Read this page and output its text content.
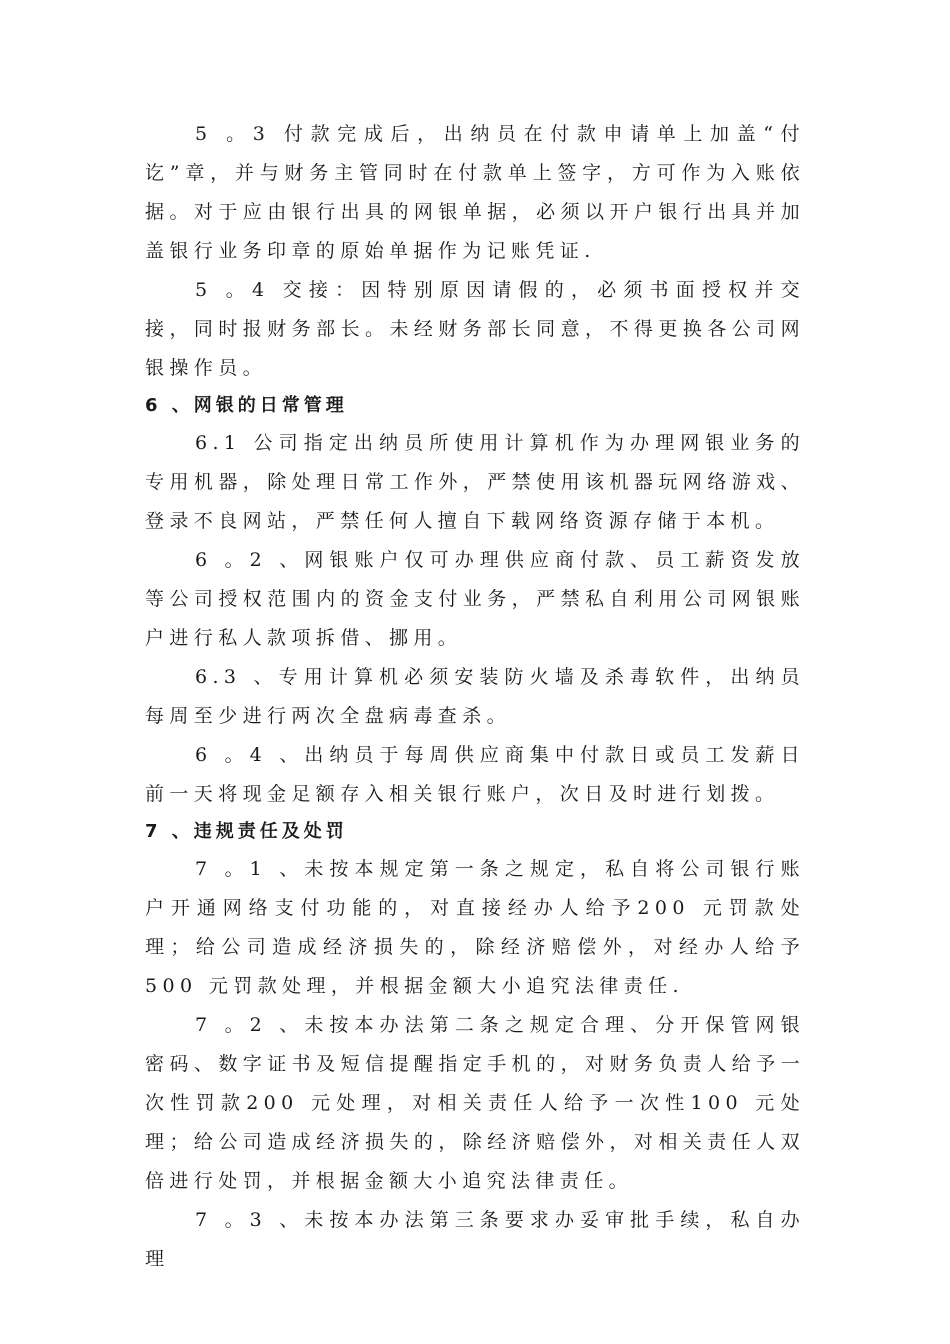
5 。3 付款完成后，出纳员在付款申请单上加盖“付讫”章，并与财务主管同时在付款单上签字，方可作为入账依据。对于应由银行出具的网银单据，必须以开户银行出具并加盖银行业务印章的原始单据作为记账凭证.

5 。4 交接：因特别原因请假的，必须书面授权并交接，同时报财务部长。未经财务部长同意，不得更换各公司网银操作员。

6 、网银的日常管理

6.1 公司指定出纳员所使用计算机作为办理网银业务的专用机器，除处理日常工作外，严禁使用该机器玩网络游戏、登录不良网站，严禁任何人擅自下载网络资源存储于本机。

6 。2 、网银账户仅可办理供应商付款、员工薪资发放等公司授权范围内的资金支付业务，严禁私自利用公司网银账户进行私人款项拆借、挪用。

6.3 、专用计算机必须安装防火墙及杀毒软件，出纳员每周至少进行两次全盘病毒查杀。

6 。4 、出纳员于每周供应商集中付款日或员工发薪日前一天将现金足额存入相关银行账户，次日及时进行划拨。

7 、违规责任及处罚

7 。1 、未按本规定第一条之规定，私自将公司银行账户开通网络支付功能的，对直接经办人给予200 元罚款处理；给公司造成经济损失的，除经济赔偿外，对经办人给予500 元罚款处理，并根据金额大小追究法律责任.

7 。2 、未按本办法第二条之规定合理、分开保管网银密码、数字证书及短信提醒指定手机的，对财务负责人给予一次性罚款200 元处理，对相关责任人给予一次性100 元处理；给公司造成经济损失的，除经济赔偿外，对相关责任人双倍进行处罚，并根据金额大小追究法律责任。

7 。3 、未按本办法第三条要求办妥审批手续，私自办理
